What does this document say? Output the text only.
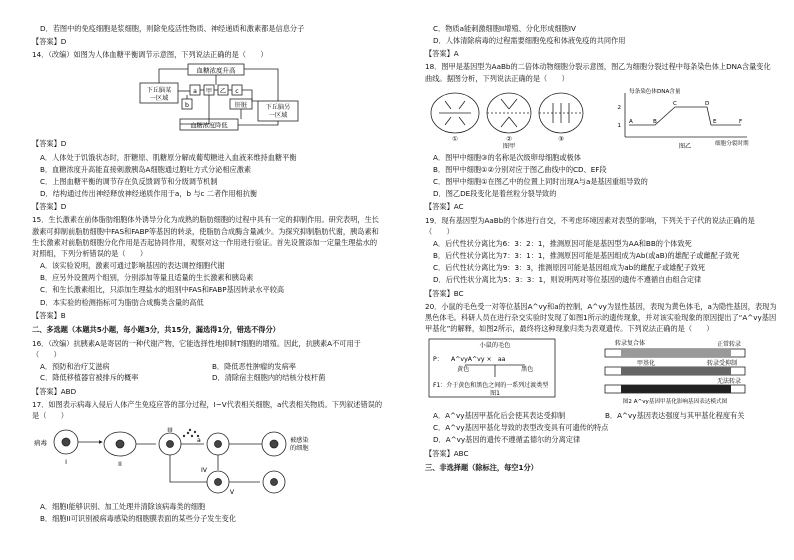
D．若图中的免疫细胞是浆细胞，则除免疫活性物质、神经递质和激素都是信息分子
【答案】D
14．（改编）如图为人体血糖平衡调节示意图，下列说法正确的是（　　）
血糖浓度升高
下丘脑某一区域
a 甲 乙 c
b	肝脏	下丘脑另一区域
血糖浓度降低
【答案】D
A．人体处于饥饿状态时，肝糖原、肌糖原分解成葡萄糖进入血液来维持血糖平衡
B．血糖浓度升高能直接刺激胰岛A细胞通过胞吐方式分泌相应激素
C．上图血糖平衡的调节存在负反馈调节和分级调节机制
D．结构通过传出神经释放神经递质作用于a，b 与c 二者作用相抗衡
【答案】D
15．生长激素在前体脂肪细胞体外诱导分化为成熟的脂肪细胞的过程中具有一定的抑制作用。研究表明，生长激素可抑制前脂肪细胞中FAS和FABP等基因的转录，使脂肪合成酶含量减少。为探究抑制脂肪代谢，胰岛素和生长激素对前脂肪细胞分化作用是否起协同作用，观察对这一作用进行验证。首先设置添加一定量生理盐水的对照组，下列分析错误的是（　　）
A．该实验说明，激素可通过影响基因的表达调控细胞代谢
B．应另外设置两个组别，分别添加等量且适量的生长激素和胰岛素
C．和生长激素组比，只添加生理盐水的组别中FAS和FABP基因转录水平较高
D．本实验的检测指标可为脂肪合成酶类含量的高低
【答案】B
二、多选题（本题共5小题，每小题3分，共15分，漏选得1分，错选不得分）
16．（改编）抗胰素A是寄居的一种代谢产物，它能选择性地抑制T细胞的增殖。因此，抗胰素A不可用于（　　）
A．预防和治疗艾滋病	B．降低恶性肿瘤的发病率
C．降低移植器官被排斥的概率	D．清除宿主细胞内的结核分枝杆菌
【答案】ABD
17．如图表示病毒入侵后人体产生免疫应答的部分过程，I~V代表相关细胞，a代表相关物质。下列叙述错误的是（　　）
病毒
I	II
III
IV
V
a	被感染的细胞
A．细胞I能够识别、加工处理并清除该病毒类的细胞
B．细胞II可识别被病毒感染的细胞膜表面的某些分子发生变化
C．物质a能刺激细胞II增殖、分化形成细胞IV
D．人体清除病毒的过程需要细胞免疫和体液免疫的共同作用
【答案】A
18．图甲是基因型为AaBb的二倍体动物细胞分裂示意图，图乙为细胞分裂过程中每条染色体上DNA含量变化曲线。据图分析，下列说法正确的是（　　）
①	②	③
图甲
每条染色体DNA含量
细胞分裂时期
2
1
A	B
C	D
E	F
图乙
A．图甲中细胞③的名称是次级卵母细胞或极体
B．图甲中细胞①②分别对应于图乙曲线中的CD、EF段
C．图甲中细胞①在图乙中的位置上同时出现A与a是基因重组导致的
D．图乙DE段变化是着丝粒分裂导致的
【答案】AC
19．现有基因型为AaBb的个体进行自交，不考虑环境因素对表型的影响，下列关于子代的说法正确的是（　　）
A．后代性状分离比为6：3：2：1，推测原因可能是基因型为AA和BB的个体致死
B．后代性状分离比为7：3：1：1，推测原因可能是基因组成为Ab(或aB)的雄配子或雌配子致死
C．后代性状分离比为9：3：3，推测原因可能是基因组成为ab的雌配子或雄配子致死
D．后代性状分离比为5：3：3：1，则说明两对等位基因的遗传不遵循自由组合定律
【答案】BC
20．小鼠的毛色受一对等位基因A^vy和a的控制，A^vy为显性基因，表现为黄色体毛，a为隐性基因，表现为黑色体毛。科研人员在进行杂交实验时发现了如图1所示的遗传现象，并对该实验现象的原因提出了“A^vy基因甲基化”的解释，如图2所示，最终将这种现象归类为表观遗传。下列说法正确的是（　　）
小鼠的毛色
P： A^vyA^vy ×　aa
黄色	黑色
F1：介于黄色和黑色之间的一系列过渡类型
图1
转录复合体	正常转录
甲基化	转录受抑制
无法转录
图2 A^vy基因甲基化影响基因表达模式图
A．A^vy基因甲基化后会使其表达受抑制	B．A^vy基因表达强度与其甲基化程度有关
C．A^vy基因甲基化导致的表型改变具有可遗传的特点
D．A^vy基因的遗传不遵循孟德尔的分离定律
【答案】ABC
三、非选择题（除标注，每空1分）
